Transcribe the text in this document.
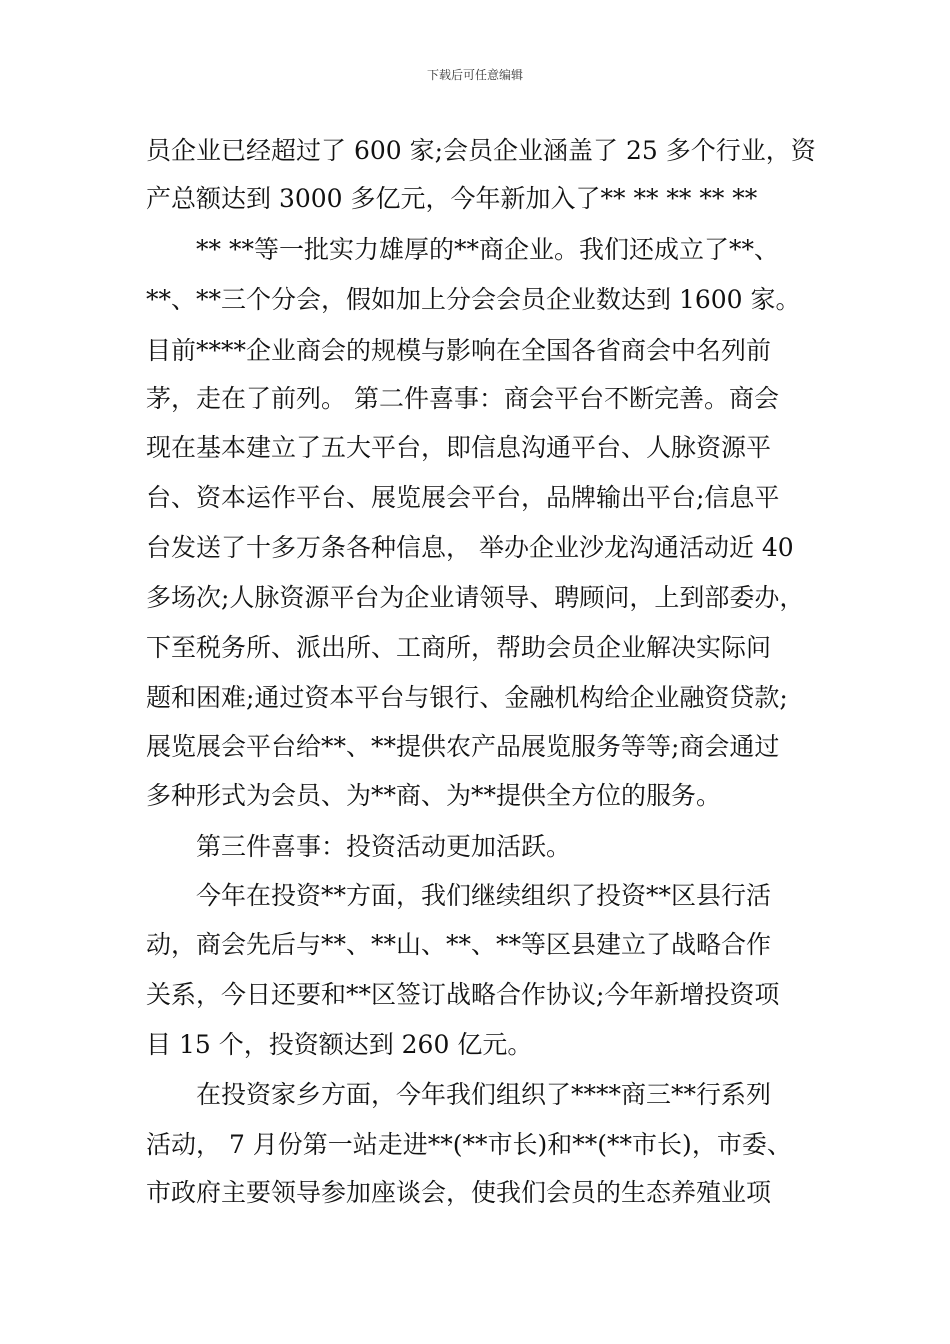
下载后可任意编辑
员企业已经超过了 600 家;会员企业涵盖了 25 多个行业，资
产总额达到 3000 多亿元，今年新加入了** ** ** ** **
** **等一批实力雄厚的**商企业。我们还成立了**、
**、**三个分会，假如加上分会会员企业数达到 1600 家。
目前****企业商会的规模与影响在全国各省商会中名列前
茅，走在了前列。 第二件喜事：商会平台不断完善。商会
现在基本建立了五大平台，即信息沟通平台、人脉资源平
台、资本运作平台、展览展会平台，品牌输出平台;信息平
台发送了十多万条各种信息， 举办企业沙龙沟通活动近 40
多场次;人脉资源平台为企业请领导、聘顾问，上到部委办，
下至税务所、派出所、工商所，帮助会员企业解决实际问
题和困难;通过资本平台与银行、金融机构给企业融资贷款;
展览展会平台给**、**提供农产品展览服务等等;商会通过
多种形式为会员、为**商、为**提供全方位的服务。
第三件喜事：投资活动更加活跃。
今年在投资**方面，我们继续组织了投资**区县行活
动，商会先后与**、**山、**、**等区县建立了战略合作
关系，今日还要和**区签订战略合作协议;今年新增投资项
目 15 个，投资额达到 260 亿元。
在投资家乡方面，今年我们组织了****商三**行系列
活动， 7 月份第一站走进**(**市长)和**(**市长)，市委、
市政府主要领导参加座谈会，使我们会员的生态养殖业项
